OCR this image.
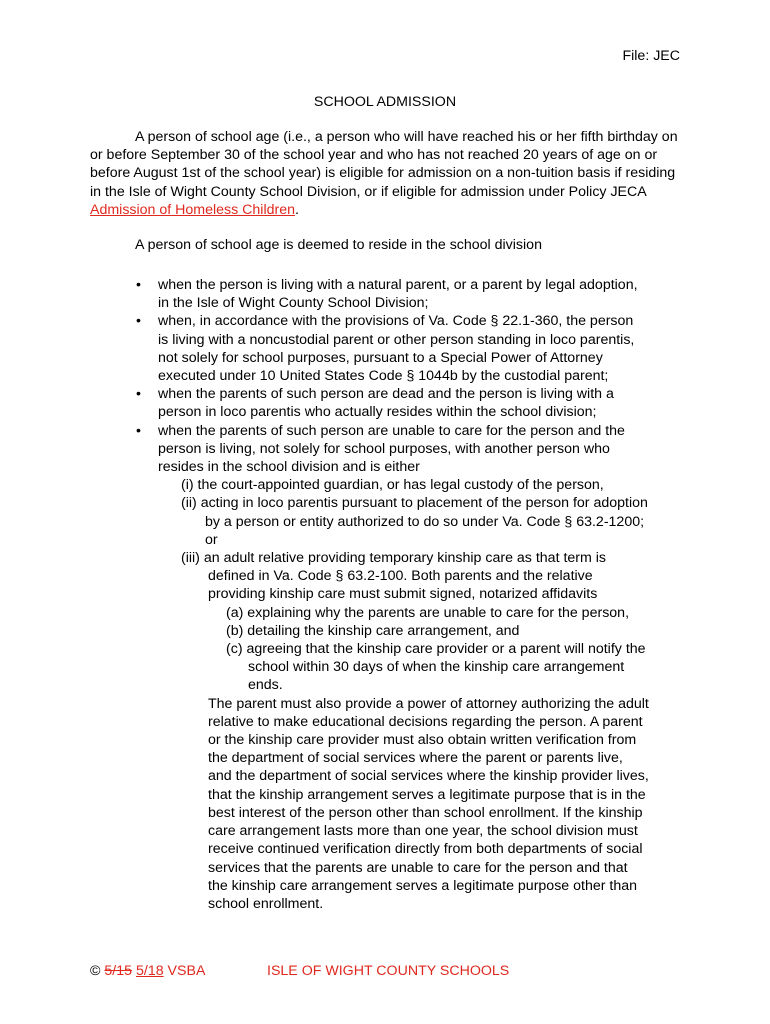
File: JEC
SCHOOL ADMISSION

A person of school age (i.e., a person who will have reached his or her fifth birthday on or before September 30 of the school year and who has not reached 20 years of age on or before August 1st of the school year) is eligible for admission on a non-tuition basis if residing in the Isle of Wight County School Division, or if eligible for admission under Policy JECA Admission of Homeless Children.

A person of school age is deemed to reside in the school division
• when the person is living with a natural parent, or a parent by legal adoption,
in the Isle of Wight County School Division;
• when, in accordance with the provisions of Va. Code § 22.1-360, the person
is living with a noncustodial parent or other person standing in loco parentis,
not solely for school purposes, pursuant to a Special Power of Attorney
executed under 10 United States Code § 1044b by the custodial parent;
• when the parents of such person are dead and the person is living with a
person in loco parentis who actually resides within the school division;
• when the parents of such person are unable to care for the person and the
person is living, not solely for school purposes, with another person who
resides in the school division and is either
(i) the court-appointed guardian, or has legal custody of the person,
(ii) acting in loco parentis pursuant to placement of the person for adoption
by a person or entity authorized to do so under Va. Code § 63.2-1200;
or
(iii) an adult relative providing temporary kinship care as that term is
defined in Va. Code § 63.2-100. Both parents and the relative
providing kinship care must submit signed, notarized affidavits
(a) explaining why the parents are unable to care for the person,
(b) detailing the kinship care arrangement, and
(c) agreeing that the kinship care provider or a parent will notify the
school within 30 days of when the kinship care arrangement
ends.
The parent must also provide a power of attorney authorizing the adult
relative to make educational decisions regarding the person. A parent
or the kinship care provider must also obtain written verification from
the department of social services where the parent or parents live,
and the department of social services where the kinship provider lives,
that the kinship arrangement serves a legitimate purpose that is in the
best interest of the person other than school enrollment. If the kinship
care arrangement lasts more than one year, the school division must
receive continued verification directly from both departments of social
services that the parents are unable to care for the person and that
the kinship care arrangement serves a legitimate purpose other than
school enrollment.
© 5/15 5/18 VSBA	ISLE OF WIGHT COUNTY SCHOOLS
